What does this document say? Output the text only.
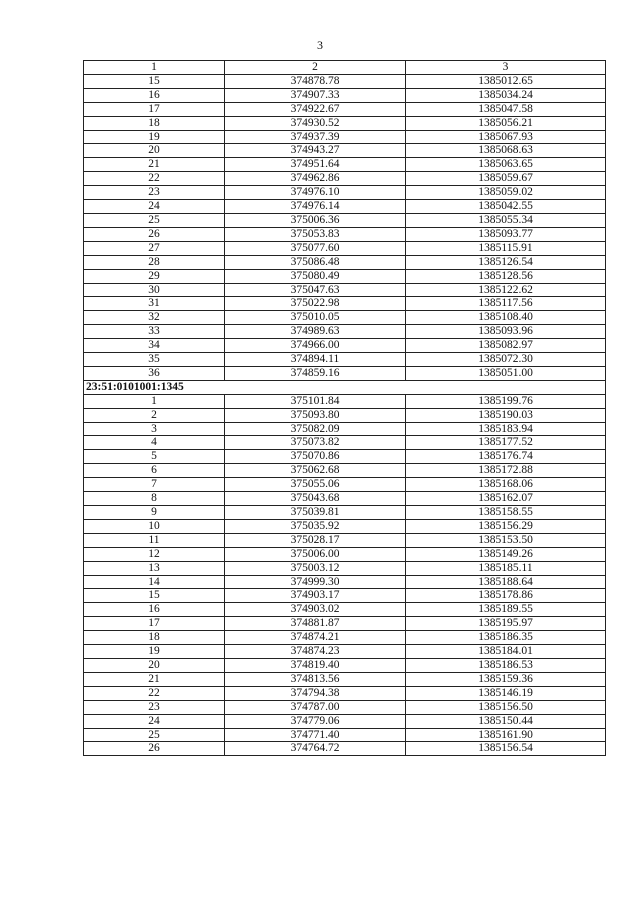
3
1	2	3
15	374878.78	1385012.65
16	374907.33	1385034.24
17	374922.67	1385047.58
18	374930.52	1385056.21
19	374937.39	1385067.93
20	374943.27	1385068.63
21	374951.64	1385063.65
22	374962.86	1385059.67
23	374976.10	1385059.02
24	374976.14	1385042.55
25	375006.36	1385055.34
26	375053.83	1385093.77
27	375077.60	1385115.91
28	375086.48	1385126.54
29	375080.49	1385128.56
30	375047.63	1385122.62
31	375022.98	1385117.56
32	375010.05	1385108.40
33	374989.63	1385093.96
34	374966.00	1385082.97
35	374894.11	1385072.30
36	374859.16	1385051.00
23:51:0101001:1345		
1	375101.84	1385199.76
2	375093.80	1385190.03
3	375082.09	1385183.94
4	375073.82	1385177.52
5	375070.86	1385176.74
6	375062.68	1385172.88
7	375055.06	1385168.06
8	375043.68	1385162.07
9	375039.81	1385158.55
10	375035.92	1385156.29
11	375028.17	1385153.50
12	375006.00	1385149.26
13	375003.12	1385185.11
14	374999.30	1385188.64
15	374903.17	1385178.86
16	374903.02	1385189.55
17	374881.87	1385195.97
18	374874.21	1385186.35
19	374874.23	1385184.01
20	374819.40	1385186.53
21	374813.56	1385159.36
22	374794.38	1385146.19
23	374787.00	1385156.50
24	374779.06	1385150.44
25	374771.40	1385161.90
26	374764.72	1385156.54
